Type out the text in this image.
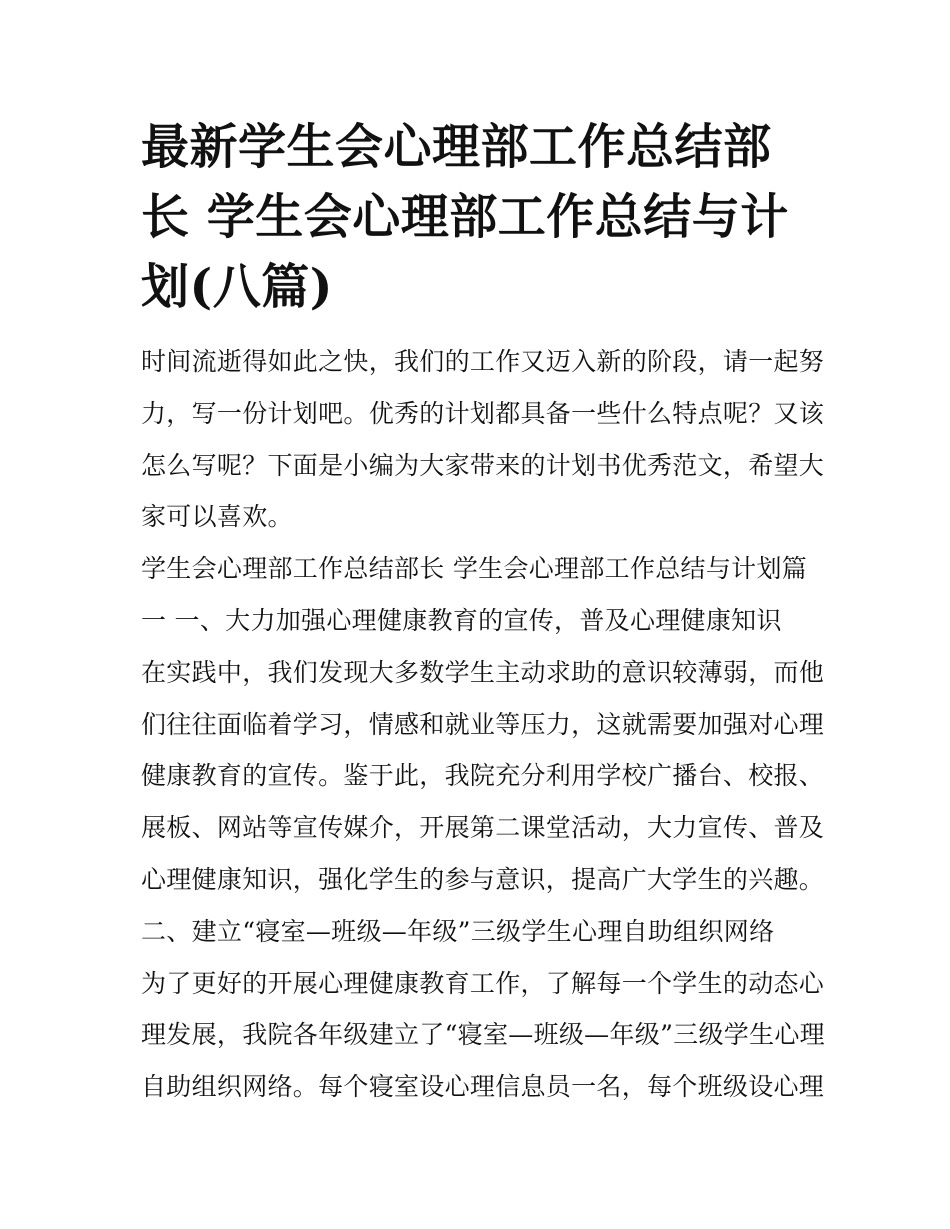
最新学生会心理部工作总结部
长 学生会心理部工作总结与计
划(八篇)
时间流逝得如此之快，我们的工作又迈入新的阶段，请一起努
力，写一份计划吧。优秀的计划都具备一些什么特点呢？又该
怎么写呢？下面是小编为大家带来的计划书优秀范文，希望大
家可以喜欢。
学生会心理部工作总结部长 学生会心理部工作总结与计划篇
一 一、大力加强心理健康教育的宣传，普及心理健康知识
在实践中，我们发现大多数学生主动求助的意识较薄弱，而他
们往往面临着学习，情感和就业等压力，这就需要加强对心理
健康教育的宣传。鉴于此，我院充分利用学校广播台、校报、
展板、网站等宣传媒介，开展第二课堂活动，大力宣传、普及
心理健康知识，强化学生的参与意识，提高广大学生的兴趣。
二、建立“寝室—班级—年级”三级学生心理自助组织网络
为了更好的开展心理健康教育工作，了解每一个学生的动态心
理发展，我院各年级建立了“寝室—班级—年级”三级学生心理
自助组织网络。每个寝室设心理信息员一名，每个班级设心理
